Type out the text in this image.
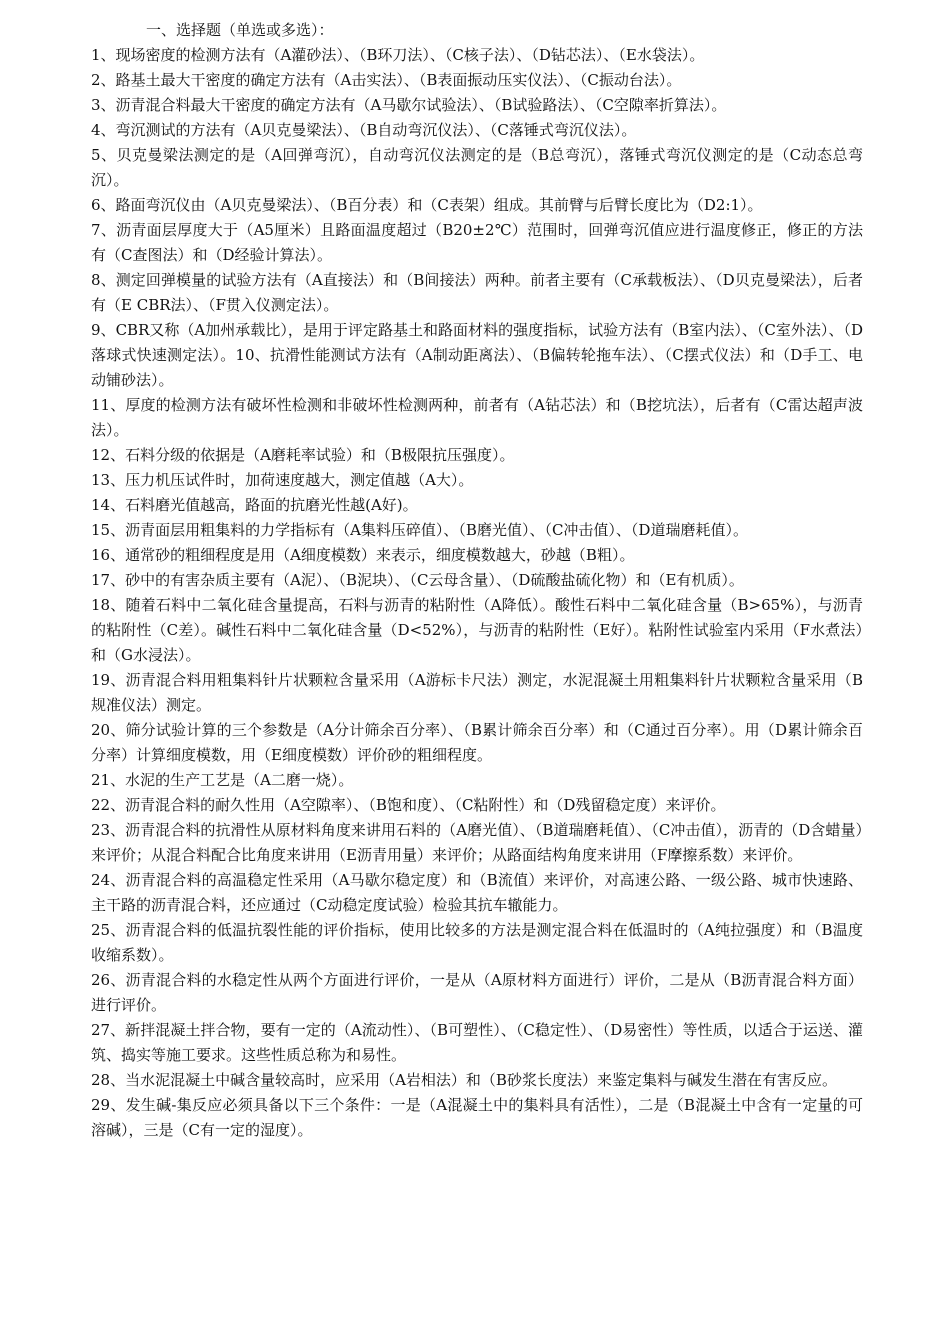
一、选择题（单选或多选）：

1、现场密度的检测方法有（A灌砂法）、（B环刀法）、（C核子法）、（D钻芯法）、（E水袋法）。

2、路基土最大干密度的确定方法有（A击实法）、（B表面振动压实仪法）、（C振动台法）。

3、沥青混合料最大干密度的确定方法有（A马歇尔试验法）、（B试验路法）、（C空隙率折算法）。

4、弯沉测试的方法有（A贝克曼梁法）、（B自动弯沉仪法）、（C落锤式弯沉仪法）。

5、贝克曼梁法测定的是（A回弹弯沉），自动弯沉仪法测定的是（B总弯沉），落锤式弯沉仪测定的是（C动态总弯沉）。

6、路面弯沉仪由（A贝克曼梁法）、（B百分表）和（C表架）组成。其前臂与后臂长度比为（D2:1）。

7、沥青面层厚度大于（A5厘米）且路面温度超过（B20±2℃）范围时，回弹弯沉值应进行温度修正，修正的方法有（C查图法）和（D经验计算法）。

8、测定回弹模量的试验方法有（A直接法）和（B间接法）两种。前者主要有（C承载板法）、（D贝克曼梁法），后者有（E CBR法）、（F贯入仪测定法）。

9、CBR又称（A加州承载比），是用于评定路基土和路面材料的强度指标，试验方法有（B室内法）、（C室外法）、（D落球式快速测定法）。10、抗滑性能测试方法有（A制动距离法）、（B偏转轮拖车法）、（C摆式仪法）和（D手工、电动铺砂法）。

11、厚度的检测方法有破坏性检测和非破坏性检测两种，前者有（A钻芯法）和（B挖坑法），后者有（C雷达超声波法）。

12、石料分级的依据是（A磨耗率试验）和（B极限抗压强度）。

13、压力机压试件时，加荷速度越大，测定值越（A大）。

14、石料磨光值越高，路面的抗磨光性越(A好)。

15、沥青面层用粗集料的力学指标有（A集料压碎值）、（B磨光值）、（C冲击值）、（D道瑞磨耗值）。

16、通常砂的粗细程度是用（A细度模数）来表示，细度模数越大，砂越（B粗）。

17、砂中的有害杂质主要有（A泥）、（B泥块）、（C云母含量）、（D硫酸盐硫化物）和（E有机质）。

18、随着石料中二氧化硅含量提高，石料与沥青的粘附性（A降低）。酸性石料中二氧化硅含量（B>65%），与沥青的粘附性（C差）。碱性石料中二氧化硅含量（D<52%），与沥青的粘附性（E好）。粘附性试验室内采用（F水煮法）和（G水浸法）。

19、沥青混合料用粗集料针片状颗粒含量采用（A游标卡尺法）测定，水泥混凝土用粗集料针片状颗粒含量采用（B规准仪法）测定。

20、筛分试验计算的三个参数是（A分计筛余百分率）、（B累计筛余百分率）和（C通过百分率）。用（D累计筛余百分率）计算细度模数，用（E细度模数）评价砂的粗细程度。

21、水泥的生产工艺是（A二磨一烧）。

22、沥青混合料的耐久性用（A空隙率）、（B饱和度）、（C粘附性）和（D残留稳定度）来评价。

23、沥青混合料的抗滑性从原材料角度来讲用石料的（A磨光值）、（B道瑞磨耗值）、（C冲击值），沥青的（D含蜡量）来评价；从混合料配合比角度来讲用（E沥青用量）来评价；从路面结构角度来讲用（F摩擦系数）来评价。

24、沥青混合料的高温稳定性采用（A马歇尔稳定度）和（B流值）来评价，对高速公路、一级公路、城市快速路、主干路的沥青混合料，还应通过（C动稳定度试验）检验其抗车辙能力。

25、沥青混合料的低温抗裂性能的评价指标，使用比较多的方法是测定混合料在低温时的（A纯拉强度）和（B温度收缩系数）。

26、沥青混合料的水稳定性从两个方面进行评价，一是从（A原材料方面进行）评价，二是从（B沥青混合料方面）进行评价。

27、新拌混凝土拌合物，要有一定的（A流动性）、（B可塑性）、（C稳定性）、（D易密性）等性质，以适合于运送、灌筑、捣实等施工要求。这些性质总称为和易性。

28、当水泥混凝土中碱含量较高时，应采用（A岩相法）和（B砂浆长度法）来鉴定集料与碱发生潜在有害反应。

29、发生碱-集反应必须具备以下三个条件：一是（A混凝土中的集料具有活性），二是（B混凝土中含有一定量的可溶碱），三是（C有一定的湿度）。
